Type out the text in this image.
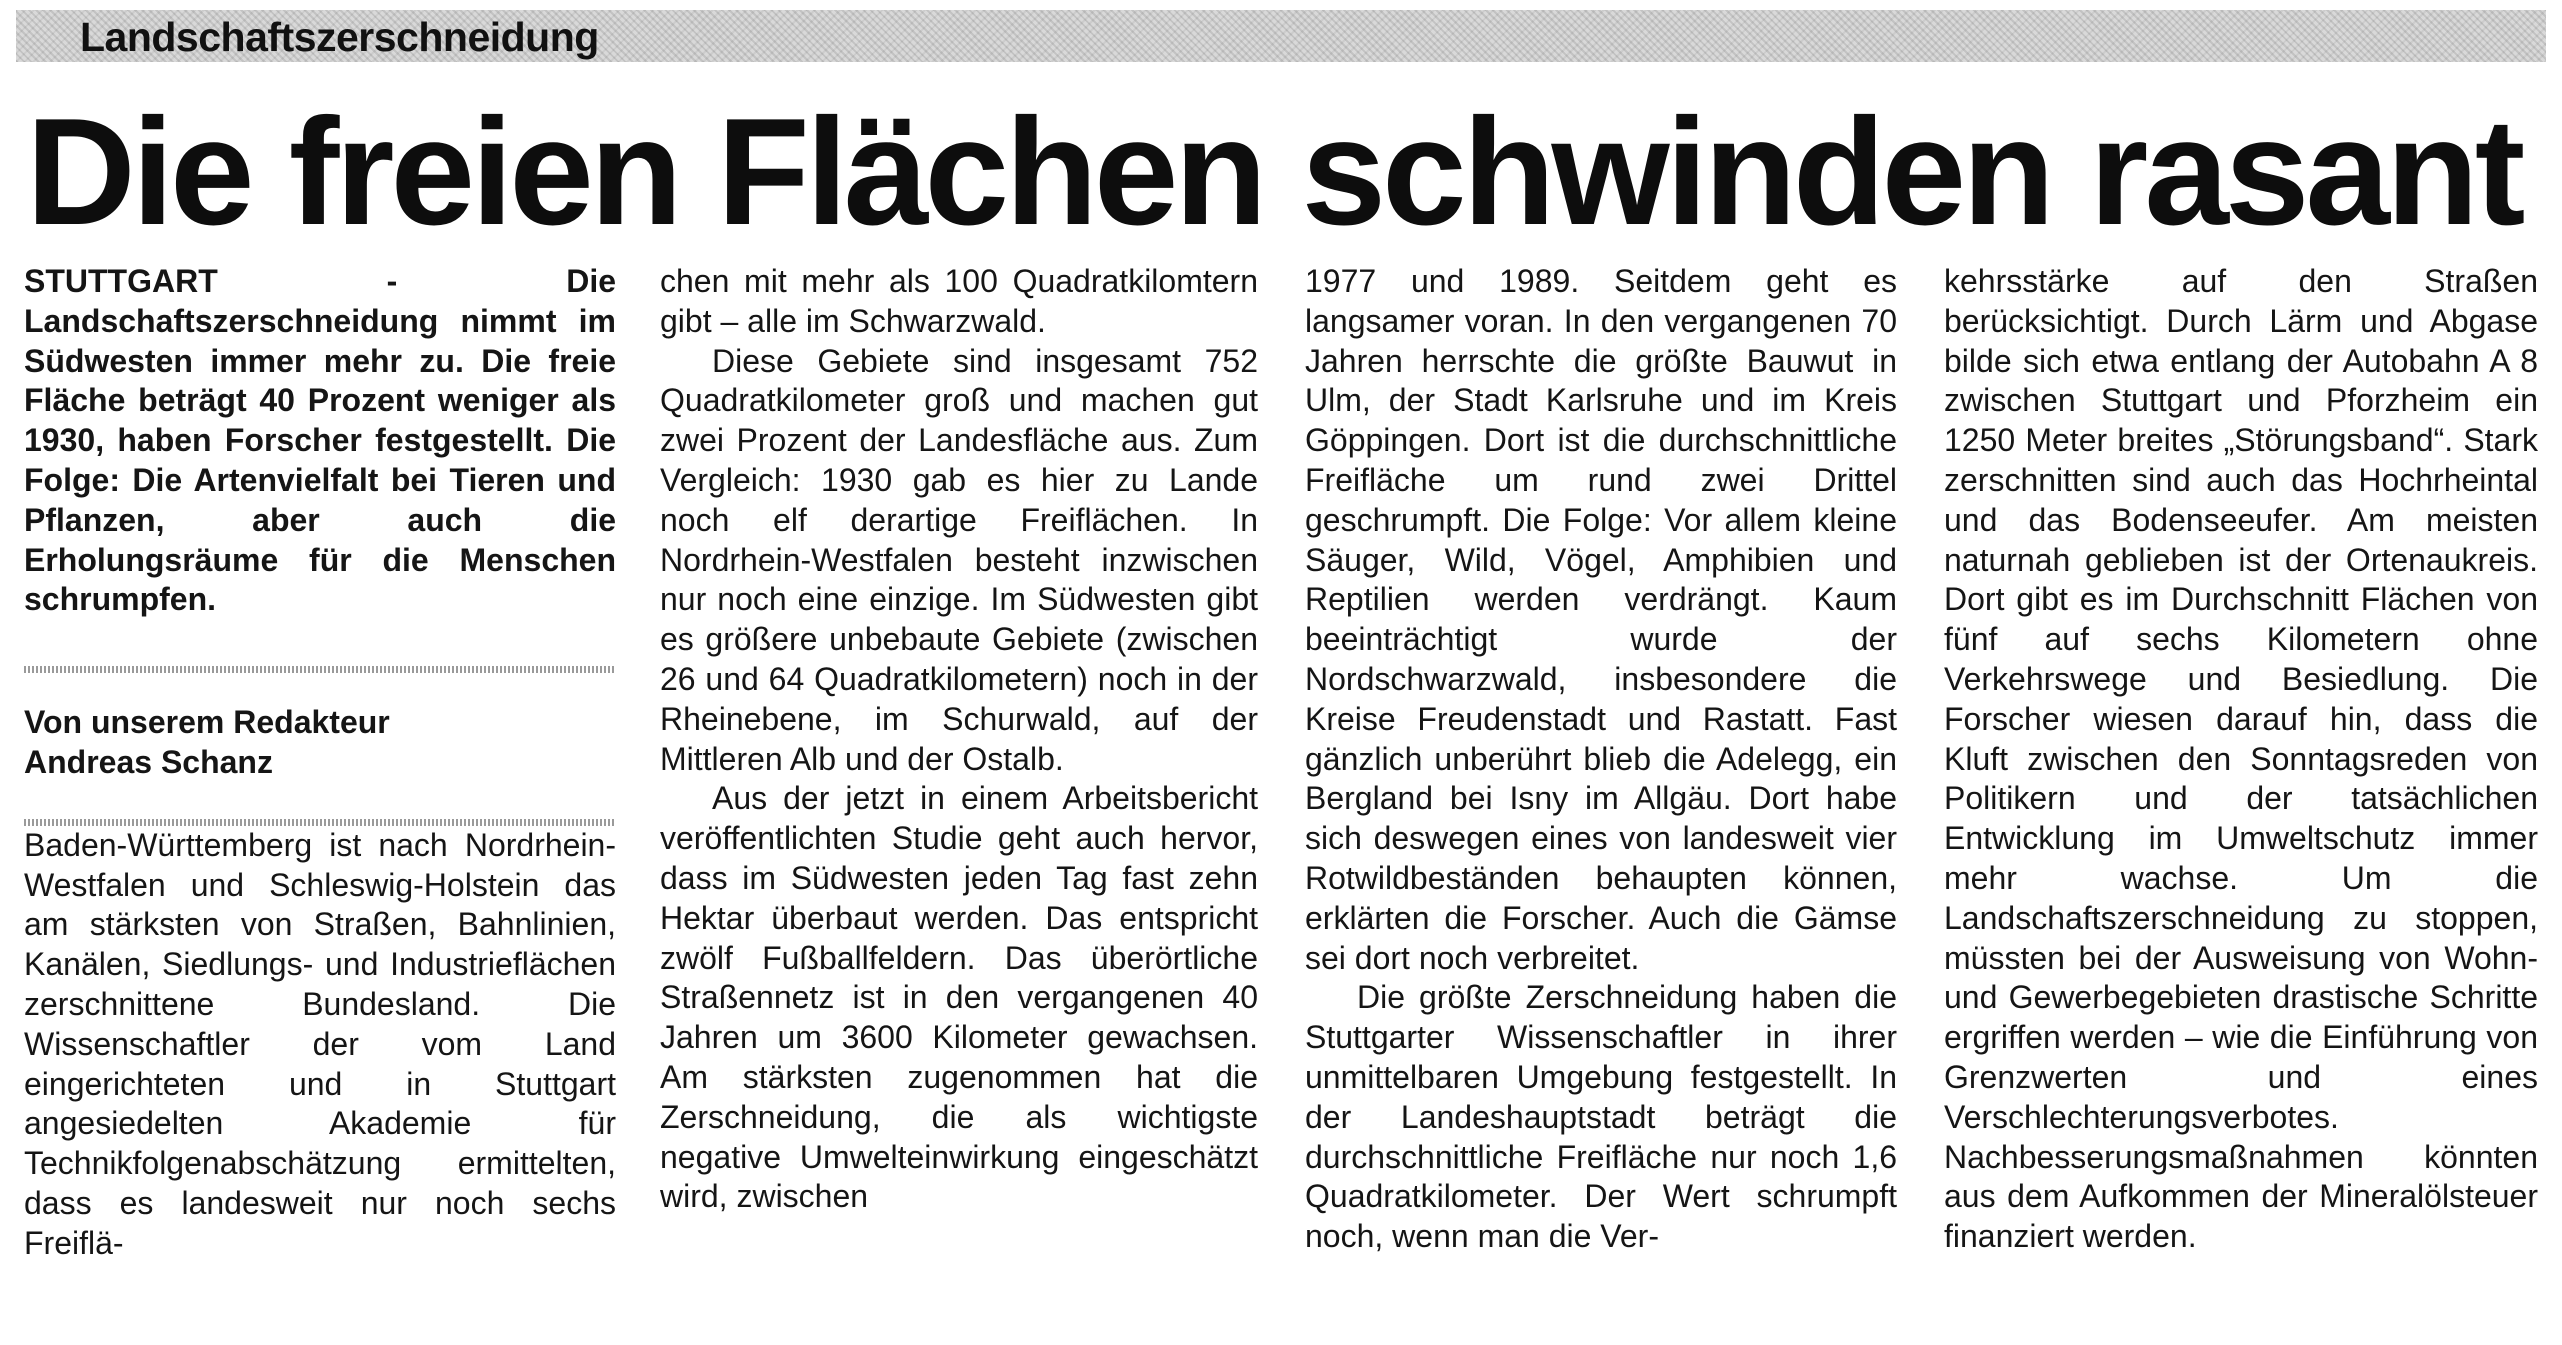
Landschaftszerschneidung
Die freien Flächen schwinden rasant

STUTTGART - Die Landschaftszerschneidung nimmt im Südwesten immer mehr zu. Die freie Fläche beträgt 40 Prozent weniger als 1930, haben Forscher festgestellt. Die Folge: Die Artenvielfalt bei Tieren und Pflanzen, aber auch die Erholungsräume für die Menschen schrumpfen.

Von unserem Redakteur
Andreas Schanz

Baden-Württemberg ist nach Nordrhein-Westfalen und Schleswig-Holstein das am stärksten von Straßen, Bahnlinien, Kanälen, Siedlungs- und Industrieflächen zerschnittene Bundesland. Die Wissenschaftler der vom Land eingerichteten und in Stuttgart angesiedelten Akademie für Technikfolgenabschätzung ermittelten, dass es landesweit nur noch sechs Freiflä-

chen mit mehr als 100 Quadratkilomtern gibt – alle im Schwarzwald.

Diese Gebiete sind insgesamt 752 Quadratkilometer groß und machen gut zwei Prozent der Landesfläche aus. Zum Vergleich: 1930 gab es hier zu Lande noch elf derartige Freiflächen. In Nordrhein-Westfalen besteht inzwischen nur noch eine einzige. Im Südwesten gibt es größere unbebaute Gebiete (zwischen 26 und 64 Quadratkilometern) noch in der Rheinebene, im Schurwald, auf der Mittleren Alb und der Ostalb.

Aus der jetzt in einem Arbeitsbericht veröffentlichten Studie geht auch hervor, dass im Südwesten jeden Tag fast zehn Hektar überbaut werden. Das entspricht zwölf Fußballfeldern. Das überörtliche Straßennetz ist in den vergangenen 40 Jahren um 3600 Kilometer gewachsen. Am stärksten zugenommen hat die Zerschneidung, die als wichtigste negative Umwelteinwirkung eingeschätzt wird, zwischen

1977 und 1989. Seitdem geht es langsamer voran. In den vergangenen 70 Jahren herrschte die größte Bauwut in Ulm, der Stadt Karlsruhe und im Kreis Göppingen. Dort ist die durchschnittliche Freifläche um rund zwei Drittel geschrumpft. Die Folge: Vor allem kleine Säuger, Wild, Vögel, Amphibien und Reptilien werden verdrängt. Kaum beeinträchtigt wurde der Nordschwarzwald, insbesondere die Kreise Freudenstadt und Rastatt. Fast gänzlich unberührt blieb die Adelegg, ein Bergland bei Isny im Allgäu. Dort habe sich deswegen eines von landesweit vier Rotwildbeständen behaupten können, erklärten die Forscher. Auch die Gämse sei dort noch verbreitet.

Die größte Zerschneidung haben die Stuttgarter Wissenschaftler in ihrer unmittelbaren Umgebung festgestellt. In der Landeshauptstadt beträgt die durchschnittliche Freifläche nur noch 1,6 Quadratkilometer. Der Wert schrumpft noch, wenn man die Ver-

kehrsstärke auf den Straßen berücksichtigt. Durch Lärm und Abgase bilde sich etwa entlang der Autobahn A 8 zwischen Stuttgart und Pforzheim ein 1250 Meter breites „Störungsband“. Stark zerschnitten sind auch das Hochrheintal und das Bodenseeufer. Am meisten naturnah geblieben ist der Ortenaukreis. Dort gibt es im Durchschnitt Flächen von fünf auf sechs Kilometern ohne Verkehrswege und Besiedlung. Die Forscher wiesen darauf hin, dass die Kluft zwischen den Sonntagsreden von Politikern und der tatsächlichen Entwicklung im Umweltschutz immer mehr wachse. Um die Landschaftszerschneidung zu stoppen, müssten bei der Ausweisung von Wohn- und Gewerbegebieten drastische Schritte ergriffen werden – wie die Einführung von Grenzwerten und eines Verschlechterungsverbotes. Nachbesserungsmaßnahmen könnten aus dem Aufkommen der Mineralölsteuer finanziert werden.
